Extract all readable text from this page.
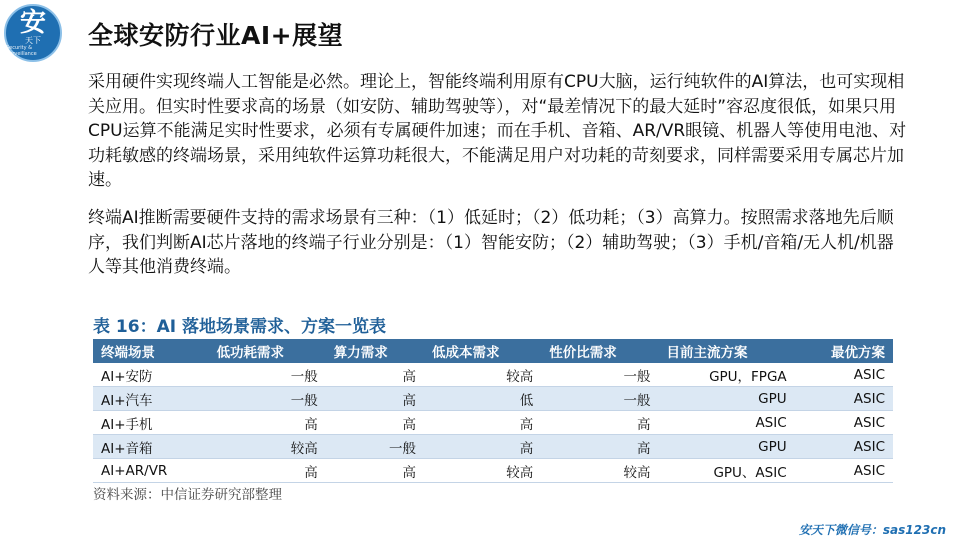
安
天下
Security & Surveillance
全球安防行业AI+展望
采用硬件实现终端人工智能是必然。理论上，智能终端利用原有CPU大脑，运行纯软件的AI算法，也可实现相关应用。但实时性要求高的场景（如安防、辅助驾驶等），对“最差情况下的最大延时”容忍度很低，如果只用CPU运算不能满足实时性要求，必须有专属硬件加速；而在手机、音箱、AR/VR眼镜、机器人等使用电池、对功耗敏感的终端场景，采用纯软件运算功耗很大，不能满足用户对功耗的苛刻要求，同样需要采用专属芯片加速。
终端AI推断需要硬件支持的需求场景有三种：（1）低延时；（2）低功耗；（3）高算力。按照需求落地先后顺序，我们判断AI芯片落地的终端子行业分别是：（1）智能安防；（2）辅助驾驶；（3）手机/音箱/无人机/机器人等其他消费终端。
表 16：AI 落地场景需求、方案一览表
终端场景	低功耗需求	算力需求	低成本需求	性价比需求	目前主流方案	最优方案
AI+安防	一般	高	较高	一般	GPU，FPGA	ASIC
AI+汽车	一般	高	低	一般	GPU	ASIC
AI+手机	高	高	高	高	ASIC	ASIC
AI+音箱	较高	一般	高	高	GPU	ASIC
AI+AR/VR	高	高	较高	较高	GPU、ASIC	ASIC
资料来源：中信证券研究部整理
安天下微信号：sas123cn
